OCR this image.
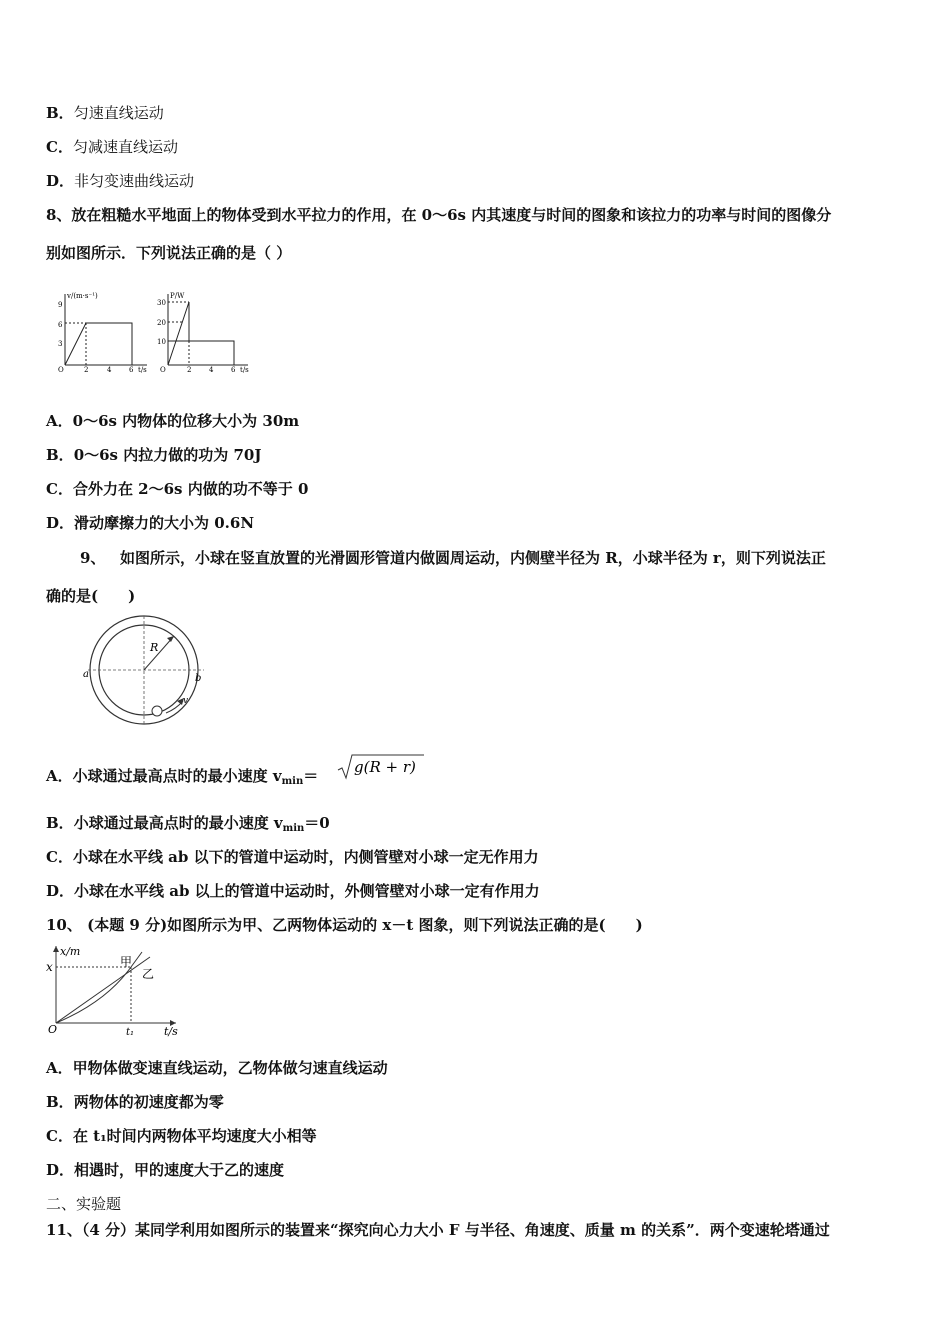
B．匀速直线运动
C．匀减速直线运动
D．非匀变速曲线运动
8、放在粗糙水平地面上的物体受到水平拉力的作用，在 0～6s 内其速度与时间的图象和该拉力的功率与时间的图像分
别如图所示．下列说法正确的是（ ）
v/(m·s⁻¹)
9
6
3
O	2	4	6 t/s
P/W
30
20
10
O	2	4	6 t/s
A．0～6s 内物体的位移大小为 30m
B．0～6s 内拉力做的功为 70J
C．合外力在 2～6s 内做的功不等于 0
D．滑动摩擦力的大小为 0.6N
9、 如图所示，小球在竖直放置的光滑圆形管道内做圆周运动，内侧壁半径为 R，小球半径为 r，则下列说法正
确的是(　　)
R
a	b
v
A．小球通过最高点时的最小速度 $v_{min}= g(R + r)$
B．小球通过最高点时的最小速度 $v_{min}=0$
C．小球在水平线 ab 以下的管道中运动时，内侧管壁对小球一定无作用力
D．小球在水平线 ab 以上的管道中运动时，外侧管壁对小球一定有作用力
10、 (本题 9 分)如图所示为甲、乙两物体运动的 x－t 图象，则下列说法正确的是(　　)
x/m
x	甲
乙
O	t₁	t/s
A．甲物体做变速直线运动，乙物体做匀速直线运动
B．两物体的初速度都为零
C．在 t₁时间内两物体平均速度大小相等
D．相遇时，甲的速度大于乙的速度
二、实验题
11、（4 分）某同学利用如图所示的装置来“探究向心力大小 F 与半径、角速度、质量 m 的关系”．两个变速轮塔通过
